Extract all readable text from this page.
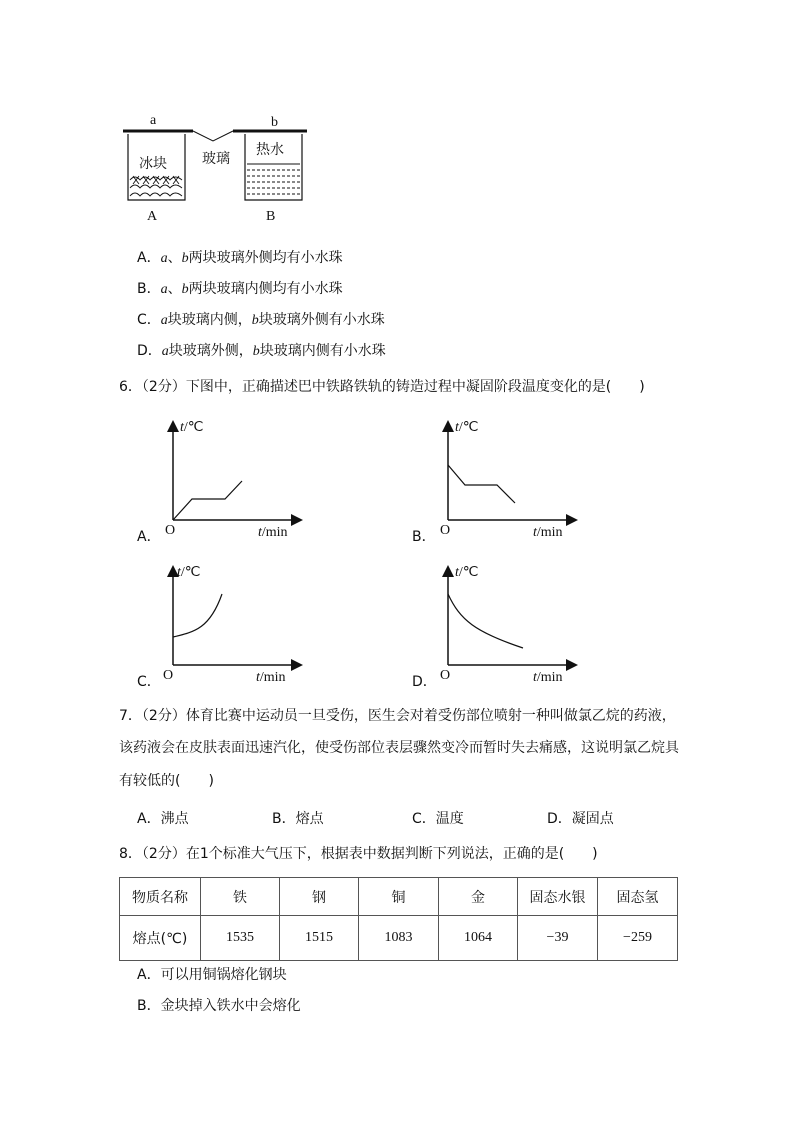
a	b
冰块	玻璃
热水
A	B
A．a、b两块玻璃外侧均有小水珠
B．a、b两块玻璃内侧均有小水珠
C．a块玻璃内侧，b块玻璃外侧有小水珠
D．a块玻璃外侧，b块玻璃内侧有小水珠
6．（2分）下图中，正确描述巴中铁路铁轨的铸造过程中凝固阶段温度变化的是(　　)
t/℃
O	t/min
A．
t/℃
O	t/min
B．
t/℃
O	t/min
C．
t/℃
O	t/min
D．
7．（2分）体育比赛中运动员一旦受伤，医生会对着受伤部位喷射一种叫做氯乙烷的药液，
该药液会在皮肤表面迅速汽化，使受伤部位表层骤然变冷而暂时失去痛感，这说明氯乙烷具
有较低的(　　)
A．沸点	B．熔点	C．温度	D．凝固点
8．（2分）在1个标准大气压下，根据表中数据判断下列说法，正确的是(　　)
物质名称	铁	钢	铜	金	固态水银	固态氢
熔点(℃)	1535	1515	1083	1064	−39	−259
A．可以用铜锅熔化钢块
B．金块掉入铁水中会熔化
